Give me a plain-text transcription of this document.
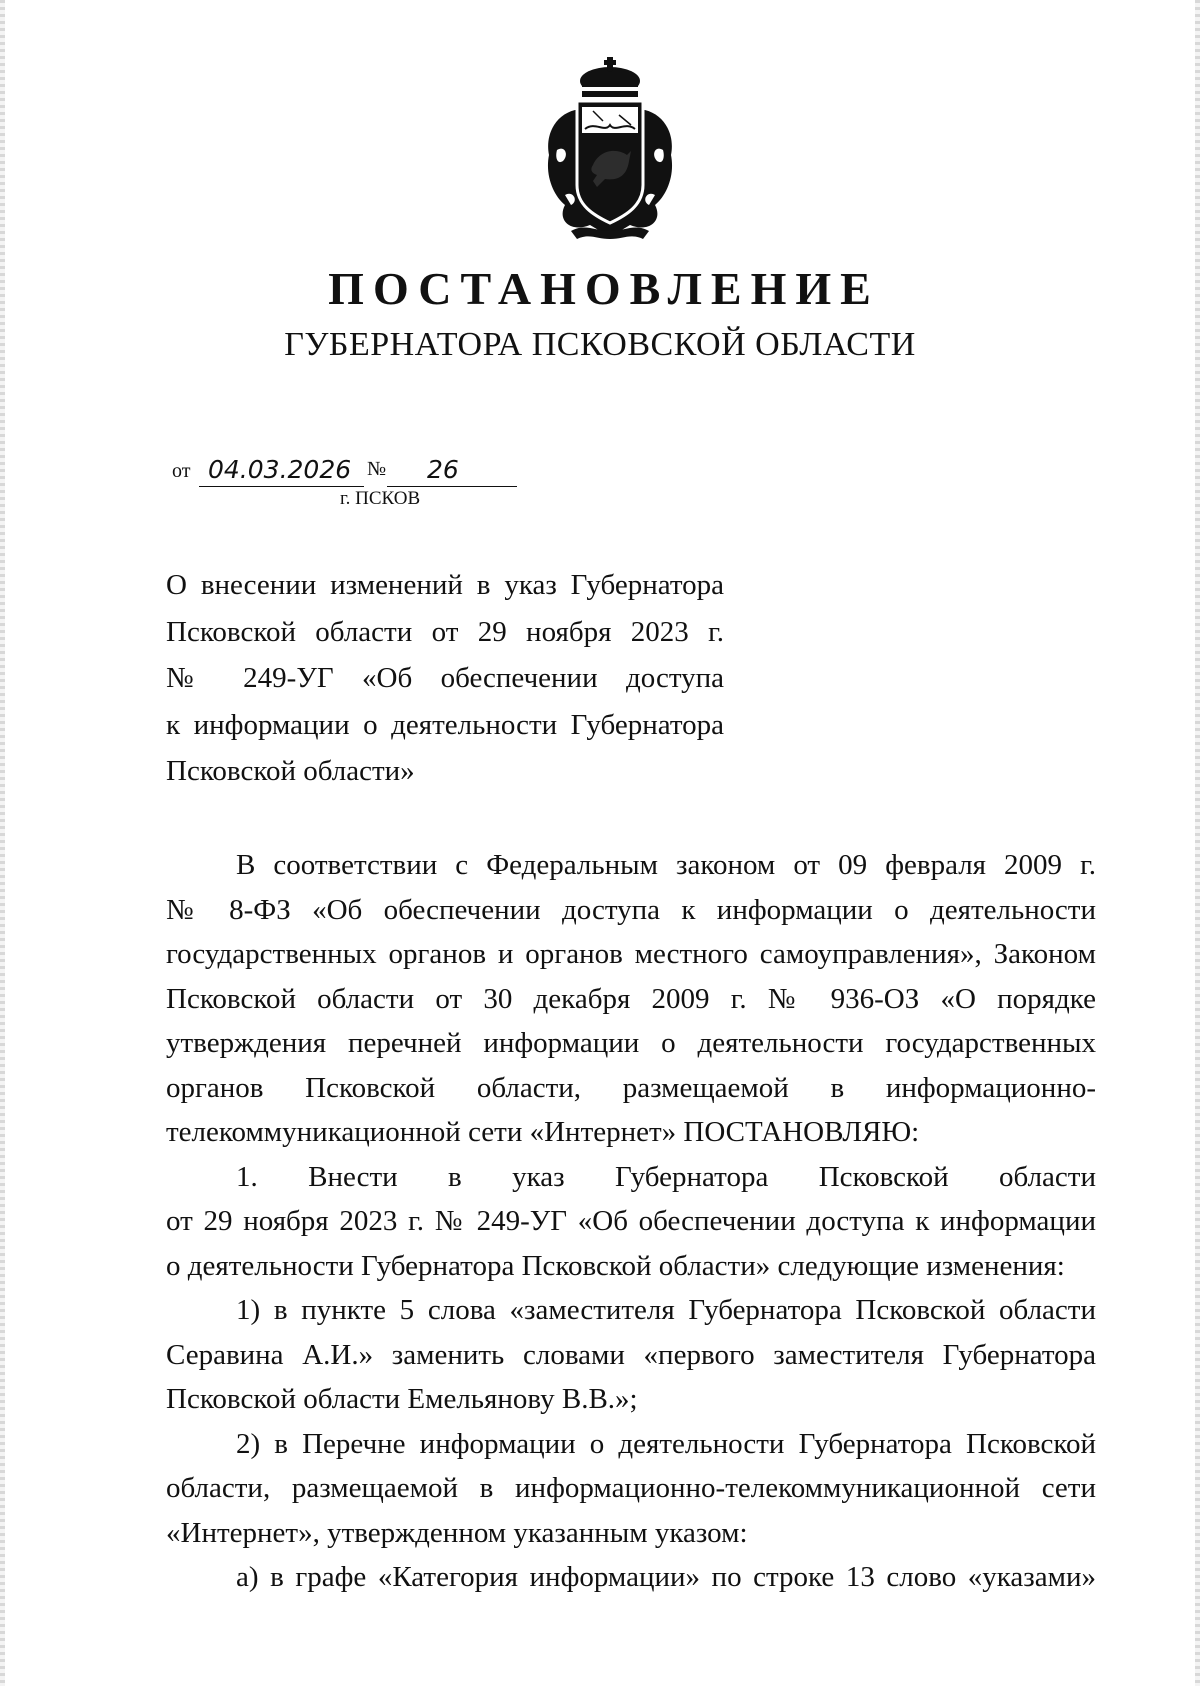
ПОСТАНОВЛЕНИЕ
ГУБЕРНАТОРА ПСКОВСКОЙ ОБЛАСТИ
от 04.03.2026 № 26
г. ПСКОВ
О внесении изменений в указ Губернатора
Псковской области от 29 ноября 2023 г.
№ 249-УГ «Об обеспечении доступа
к информации о деятельности Губернатора
Псковской области»
В соответствии с Федеральным законом от 09 февраля 2009 г.
№ 8-ФЗ «Об обеспечении доступа к информации о деятельности
государственных органов и органов местного самоуправления», Законом
Псковской области от 30 декабря 2009 г. № 936-ОЗ «О порядке
утверждения перечней информации о деятельности государственных
органов Псковской области, размещаемой в информационно-
телекоммуникационной сети «Интернет» ПОСТАНОВЛЯЮ:
1. Внести в указ Губернатора Псковской области
от 29 ноября 2023 г. № 249-УГ «Об обеспечении доступа к информации
о деятельности Губернатора Псковской области» следующие изменения:
1) в пункте 5 слова «заместителя Губернатора Псковской области
Серавина А.И.» заменить словами «первого заместителя Губернатора
Псковской области Емельянову В.В.»;
2) в Перечне информации о деятельности Губернатора Псковской
области, размещаемой в информационно-телекоммуникационной сети
«Интернет», утвержденном указанным указом:
а) в графе «Категория информации» по строке 13 слово «указами»
